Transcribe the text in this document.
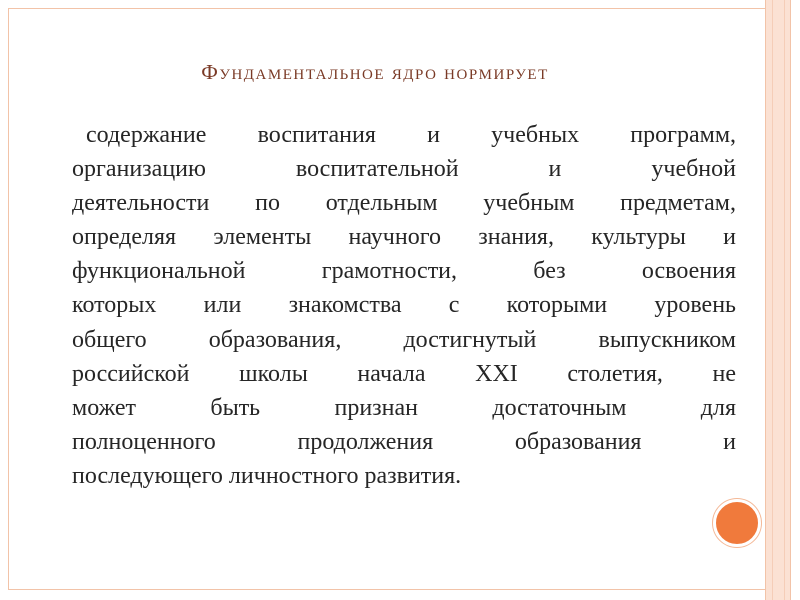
Фундаментальное ядро нормирует
содержание воспитания и учебных программ,
организацию воспитательной и учебной
деятельности по отдельным учебным предметам,
определяя элементы научного знания, культуры и
функциональной грамотности, без освоения
которых или знакомства с которыми уровень
общего образования, достигнутый выпускником
российской школы начала XXI столетия, не
может быть признан достаточным для
полноценного продолжения образования и
последующего личностного развития.
